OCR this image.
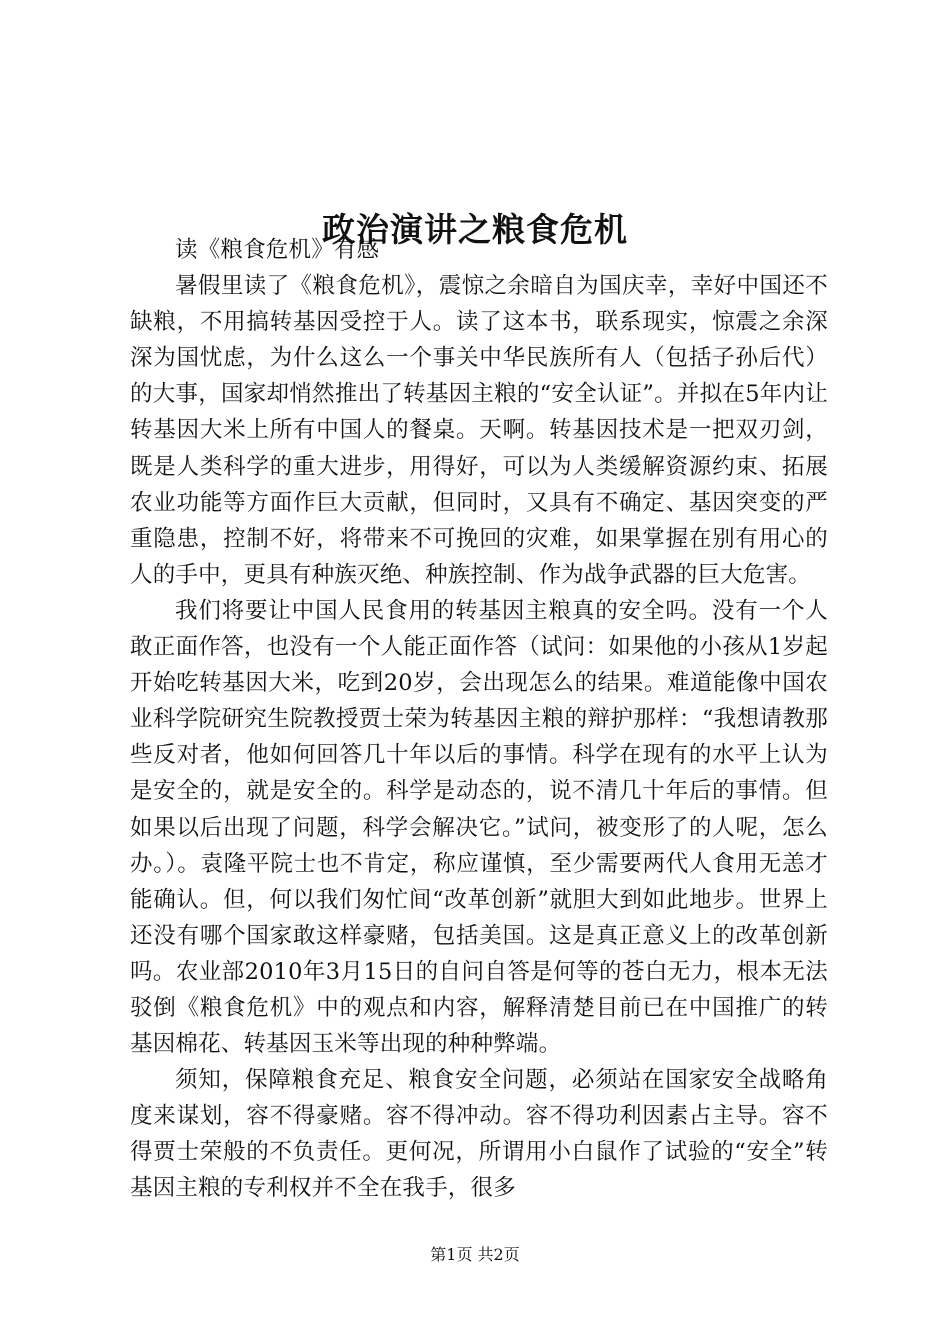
政治演讲之粮食危机

读《粮食危机》有感

暑假里读了《粮食危机》，震惊之余暗自为国庆幸，幸好中国还不缺粮，不用搞转基因受控于人。读了这本书，联系现实，惊震之余深深为国忧虑，为什么这么一个事关中华民族所有人（包括子孙后代）的大事，国家却悄然推出了转基因主粮的“安全认证”。并拟在5年内让转基因大米上所有中国人的餐桌。天啊。转基因技术是一把双刃剑，既是人类科学的重大进步，用得好，可以为人类缓解资源约束、拓展农业功能等方面作巨大贡献，但同时，又具有不确定、基因突变的严重隐患，控制不好，将带来不可挽回的灾难，如果掌握在别有用心的人的手中，更具有种族灭绝、种族控制、作为战争武器的巨大危害。

我们将要让中国人民食用的转基因主粮真的安全吗。没有一个人敢正面作答，也没有一个人能正面作答（试问：如果他的小孩从1岁起开始吃转基因大米，吃到20岁，会出现怎么的结果。难道能像中国农业科学院研究生院教授贾士荣为转基因主粮的辩护那样：“我想请教那些反对者，他如何回答几十年以后的事情。科学在现有的水平上认为是安全的，就是安全的。科学是动态的，说不清几十年后的事情。但如果以后出现了问题，科学会解决它。”试问，被变形了的人呢，怎么办。）。袁隆平院士也不肯定，称应谨慎，至少需要两代人食用无恙才能确认。但，何以我们匆忙间“改革创新”就胆大到如此地步。世界上还没有哪个国家敢这样豪赌，包括美国。这是真正意义上的改革创新吗。农业部2010年3月15日的自问自答是何等的苍白无力，根本无法驳倒《粮食危机》中的观点和内容，解释清楚目前已在中国推广的转基因棉花、转基因玉米等出现的种种弊端。

须知，保障粮食充足、粮食安全问题，必须站在国家安全战略角度来谋划，容不得豪赌。容不得冲动。容不得功利因素占主导。容不得贾士荣般的不负责任。更何况，所谓用小白鼠作了试验的“安全”转基因主粮的专利权并不全在我手，很多

第1页 共2页
